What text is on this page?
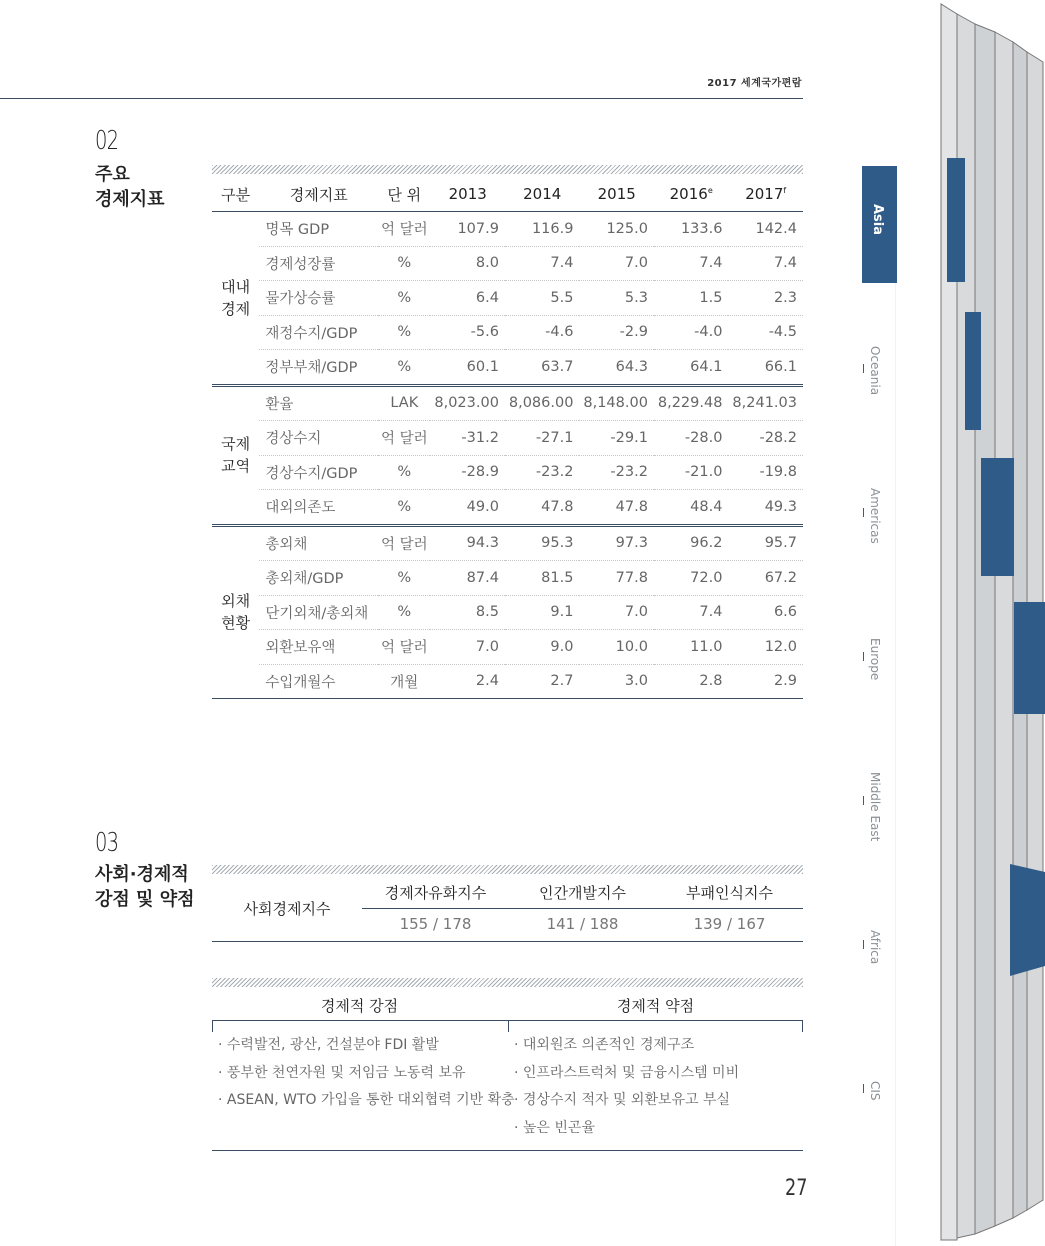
Asia
Oceania
Americas
Europe
Middle East
Africa
CIS
2017 세계국가편람
02
주요
경제지표	구분	경제지표	단 위	2013	2014	2015	2016e	2017$^f$

대내
경제	명목 GDP	억 달러	107.9	116.9	125.0	133.6	142.4
	경제성장률	%	8.0	7.4	7.0	7.4	7.4
	물가상승률	%	6.4	5.5	5.3	1.5	2.3
	재정수지/GDP	%	-5.6	-4.6	-2.9	-4.0	-4.5
	정부부채/GDP	%	60.1	63.7	64.3	64.1	66.1

국제
교역	환율	LAK	8,023.00	8,086.00	8,148.00	8,229.48	8,241.03
	경상수지	억 달러	-31.2	-27.1	-29.1	-28.0	-28.2
	경상수지/GDP	%	-28.9	-23.2	-23.2	-21.0	-19.8
	대외의존도	%	49.0	47.8	47.8	48.4	49.3

외채
현황	총외채	억 달러	94.3	95.3	97.3	96.2	95.7
	총외채/GDP	%	87.4	81.5	77.8	72.0	67.2
	단기외채/총외채	%	8.5	9.1	7.0	7.4	6.6
	외환보유액	억 달러	7.0	9.0	10.0	11.0	12.0
	수입개월수	개월	2.4	2.7	3.0	2.8	2.9
03
사회·경제적
강점 및 약점	사회경제지수
경제자유화지수	인간개발지수	부패인식지수
155 / 178	141 / 188	139 / 167
경제적 강점	경제적 약점
· 수력발전, 광산, 건설분야 FDI 활발
· 풍부한 천연자원 및 저임금 노동력 보유
· ASEAN, WTO 가입을 통한 대외협력 기반 확충
· 대외원조 의존적인 경제구조
· 인프라스트럭처 및 금융시스템 미비
· 경상수지 적자 및 외환보유고 부실
· 높은 빈곤율
27
